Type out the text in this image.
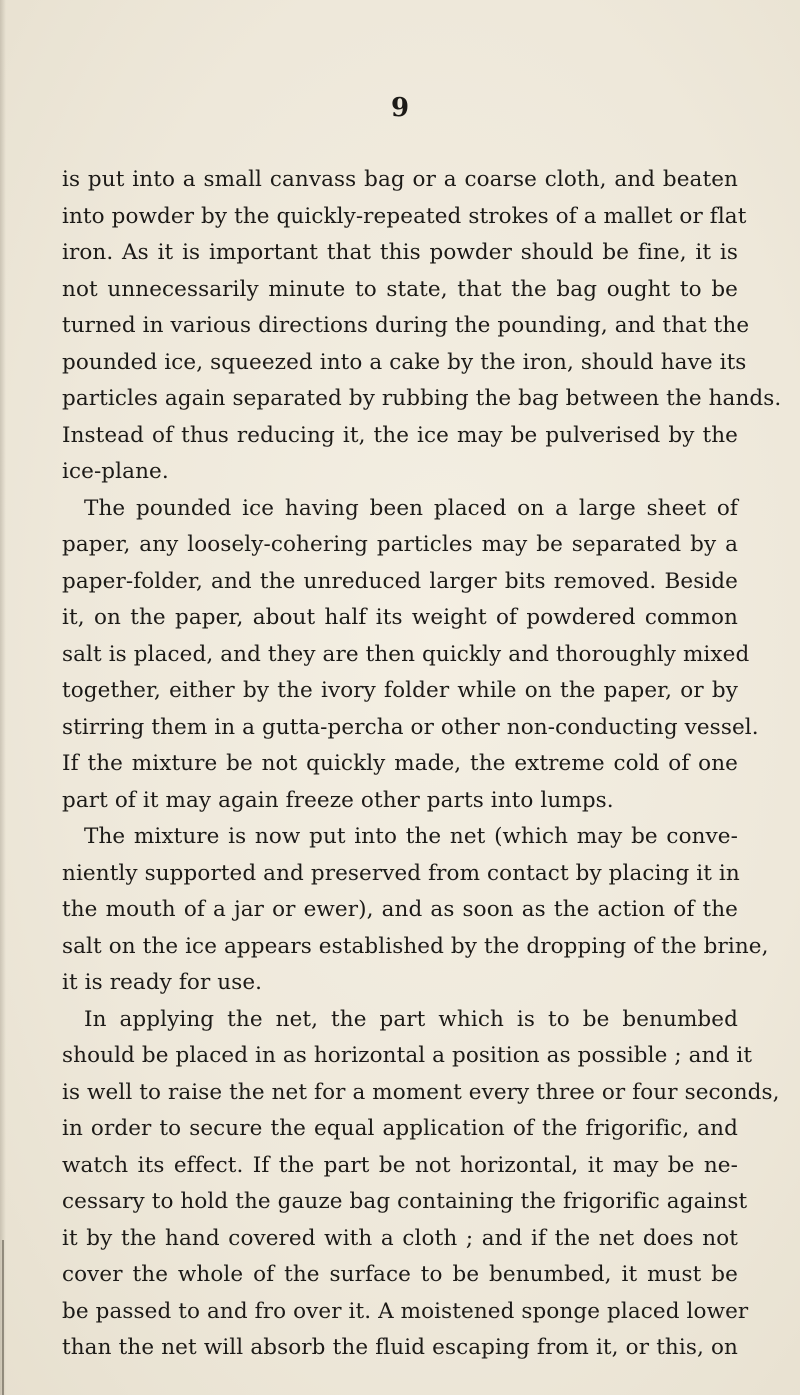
9
is put into a small canvass bag or a coarse cloth, and beaten
into powder by the quickly-repeated strokes of a mallet or flat
iron. As it is important that this powder should be fine, it is
not unnecessarily minute to state, that the bag ought to be
turned in various directions during the pounding, and that the
pounded ice, squeezed into a cake by the iron, should have its
particles again separated by rubbing the bag between the hands.
Instead of thus reducing it, the ice may be pulverised by the
ice-plane.
The pounded ice having been placed on a large sheet of
paper, any loosely-cohering particles may be separated by a
paper-folder, and the unreduced larger bits removed. Beside
it, on the paper, about half its weight of powdered common
salt is placed, and they are then quickly and thoroughly mixed
together, either by the ivory folder while on the paper, or by
stirring them in a gutta-percha or other non-conducting vessel.
If the mixture be not quickly made, the extreme cold of one
part of it may again freeze other parts into lumps.
The mixture is now put into the net (which may be conve-
niently supported and preserved from contact by placing it in
the mouth of a jar or ewer), and as soon as the action of the
salt on the ice appears established by the dropping of the brine,
it is ready for use.
In applying the net, the part which is to be benumbed
should be placed in as horizontal a position as possible ; and it
is well to raise the net for a moment every three or four seconds,
in order to secure the equal application of the frigorific, and
watch its effect. If the part be not horizontal, it may be ne-
cessary to hold the gauze bag containing the frigorific against
it by the hand covered with a cloth ; and if the net does not
cover the whole of the surface to be benumbed, it must be
be passed to and fro over it. A moistened sponge placed lower
than the net will absorb the fluid escaping from it, or this, on
